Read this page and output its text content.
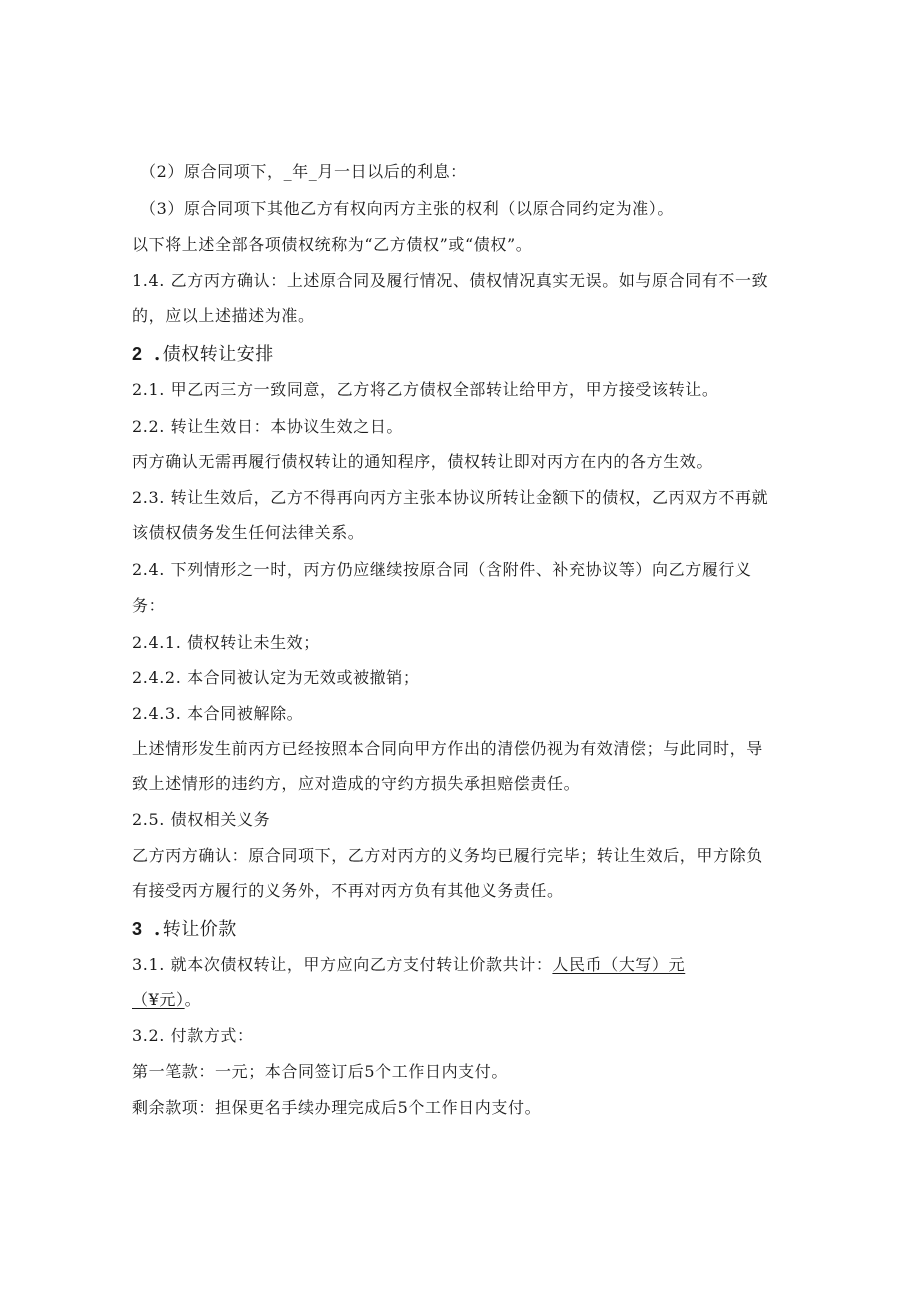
（2）原合同项下，_年_月一日以后的利息：
（3）原合同项下其他乙方有权向丙方主张的权利（以原合同约定为准）。
以下将上述全部各项债权统称为“乙方债权”或“债权”。
1.4. 乙方丙方确认：上述原合同及履行情况、债权情况真实无误。如与原合同有不一致
的，应以上述描述为准。
2 . 债权转让安排
2.1. 甲乙丙三方一致同意，乙方将乙方债权全部转让给甲方，甲方接受该转让。
2.2. 转让生效日：本协议生效之日。
丙方确认无需再履行债权转让的通知程序，债权转让即对丙方在内的各方生效。
2.3. 转让生效后，乙方不得再向丙方主张本协议所转让金额下的债权，乙丙双方不再就
该债权债务发生任何法律关系。
2.4. 下列情形之一时，丙方仍应继续按原合同（含附件、补充协议等）向乙方履行义
务：
2.4.1. 债权转让未生效；
2.4.2. 本合同被认定为无效或被撤销；
2.4.3. 本合同被解除。
上述情形发生前丙方已经按照本合同向甲方作出的清偿仍视为有效清偿；与此同时，导
致上述情形的违约方，应对造成的守约方损失承担赔偿责任。
2.5. 债权相关义务
乙方丙方确认：原合同项下，乙方对丙方的义务均已履行完毕；转让生效后，甲方除负
有接受丙方履行的义务外，不再对丙方负有其他义务责任。
3 . 转让价款
3.1. 就本次债权转让，甲方应向乙方支付转让价款共计：人民币（大写）元
（¥元）。
3.2. 付款方式：
第一笔款：一元；本合同签订后5个工作日内支付。
剩余款项：担保更名手续办理完成后5个工作日内支付。
